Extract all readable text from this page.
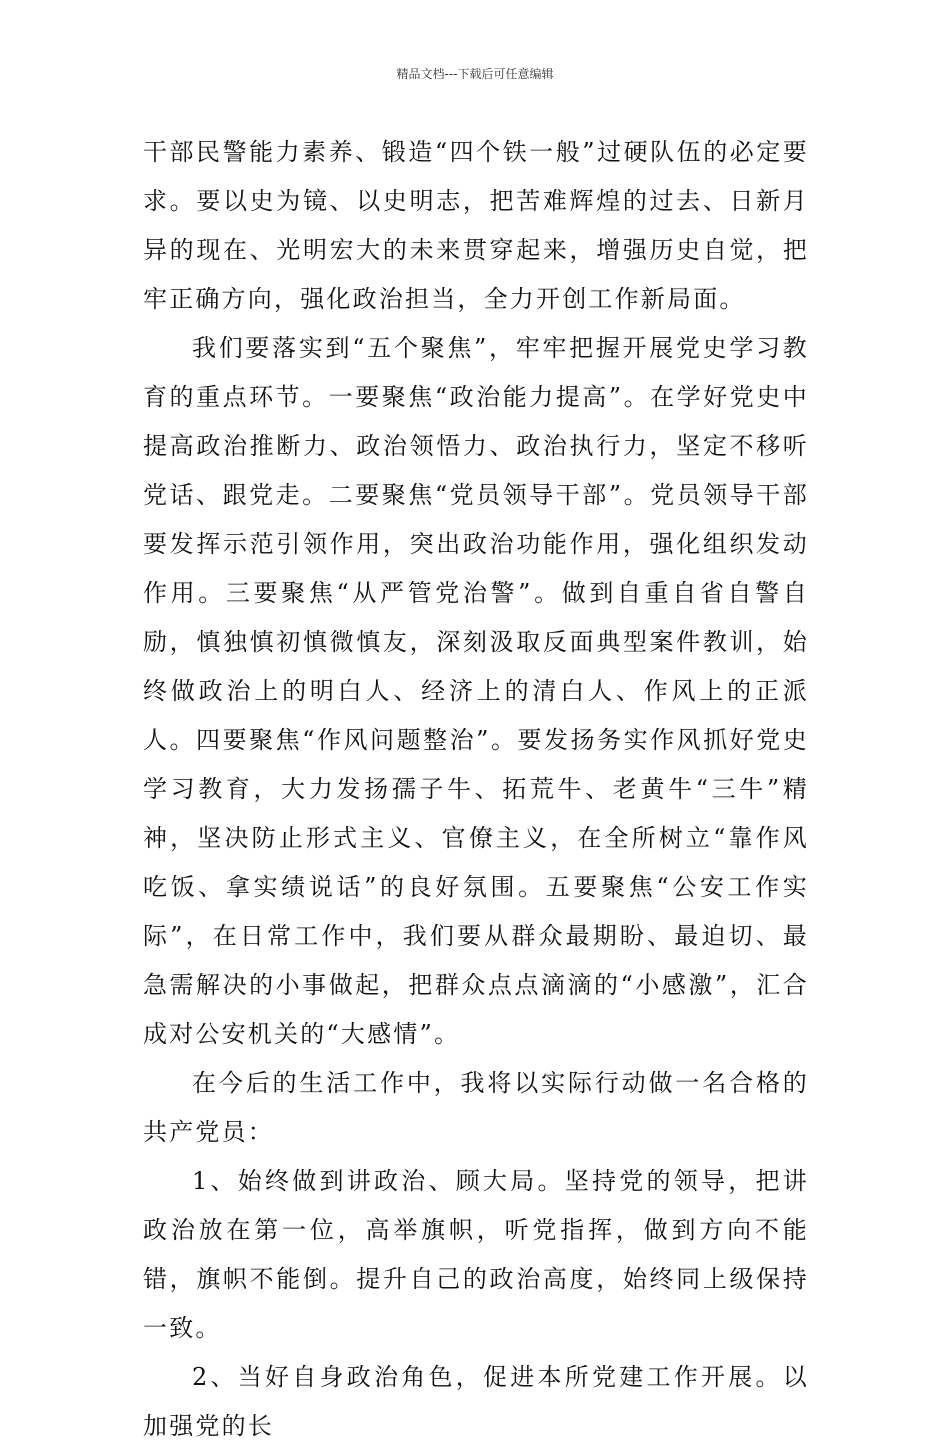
精品文档---下载后可任意编辑

干部民警能力素养、锻造“四个铁一般”过硬队伍的必定要求。要以史为镜、以史明志，把苦难辉煌的过去、日新月异的现在、光明宏大的未来贯穿起来，增强历史自觉，把牢正确方向，强化政治担当，全力开创工作新局面。

我们要落实到“五个聚焦”，牢牢把握开展党史学习教育的重点环节。一要聚焦“政治能力提高”。在学好党史中提高政治推断力、政治领悟力、政治执行力，坚定不移听党话、跟党走。二要聚焦“党员领导干部”。党员领导干部要发挥示范引领作用，突出政治功能作用，强化组织发动作用。三要聚焦“从严管党治警”。做到自重自省自警自励，慎独慎初慎微慎友，深刻汲取反面典型案件教训，始终做政治上的明白人、经济上的清白人、作风上的正派人。四要聚焦“作风问题整治”。要发扬务实作风抓好党史学习教育，大力发扬孺子牛、拓荒牛、老黄牛“三牛”精神，坚决防止形式主义、官僚主义，在全所树立“靠作风吃饭、拿实绩说话”的良好氛围。五要聚焦“公安工作实际”，在日常工作中，我们要从群众最期盼、最迫切、最急需解决的小事做起，把群众点点滴滴的“小感激”，汇合成对公安机关的“大感情”。

在今后的生活工作中，我将以实际行动做一名合格的共产党员：

1、始终做到讲政治、顾大局。坚持党的领导，把讲政治放在第一位，高举旗帜，听党指挥，做到方向不能错，旗帜不能倒。提升自己的政治高度，始终同上级保持一致。

2、当好自身政治角色，促进本所党建工作开展。以加强党的长
